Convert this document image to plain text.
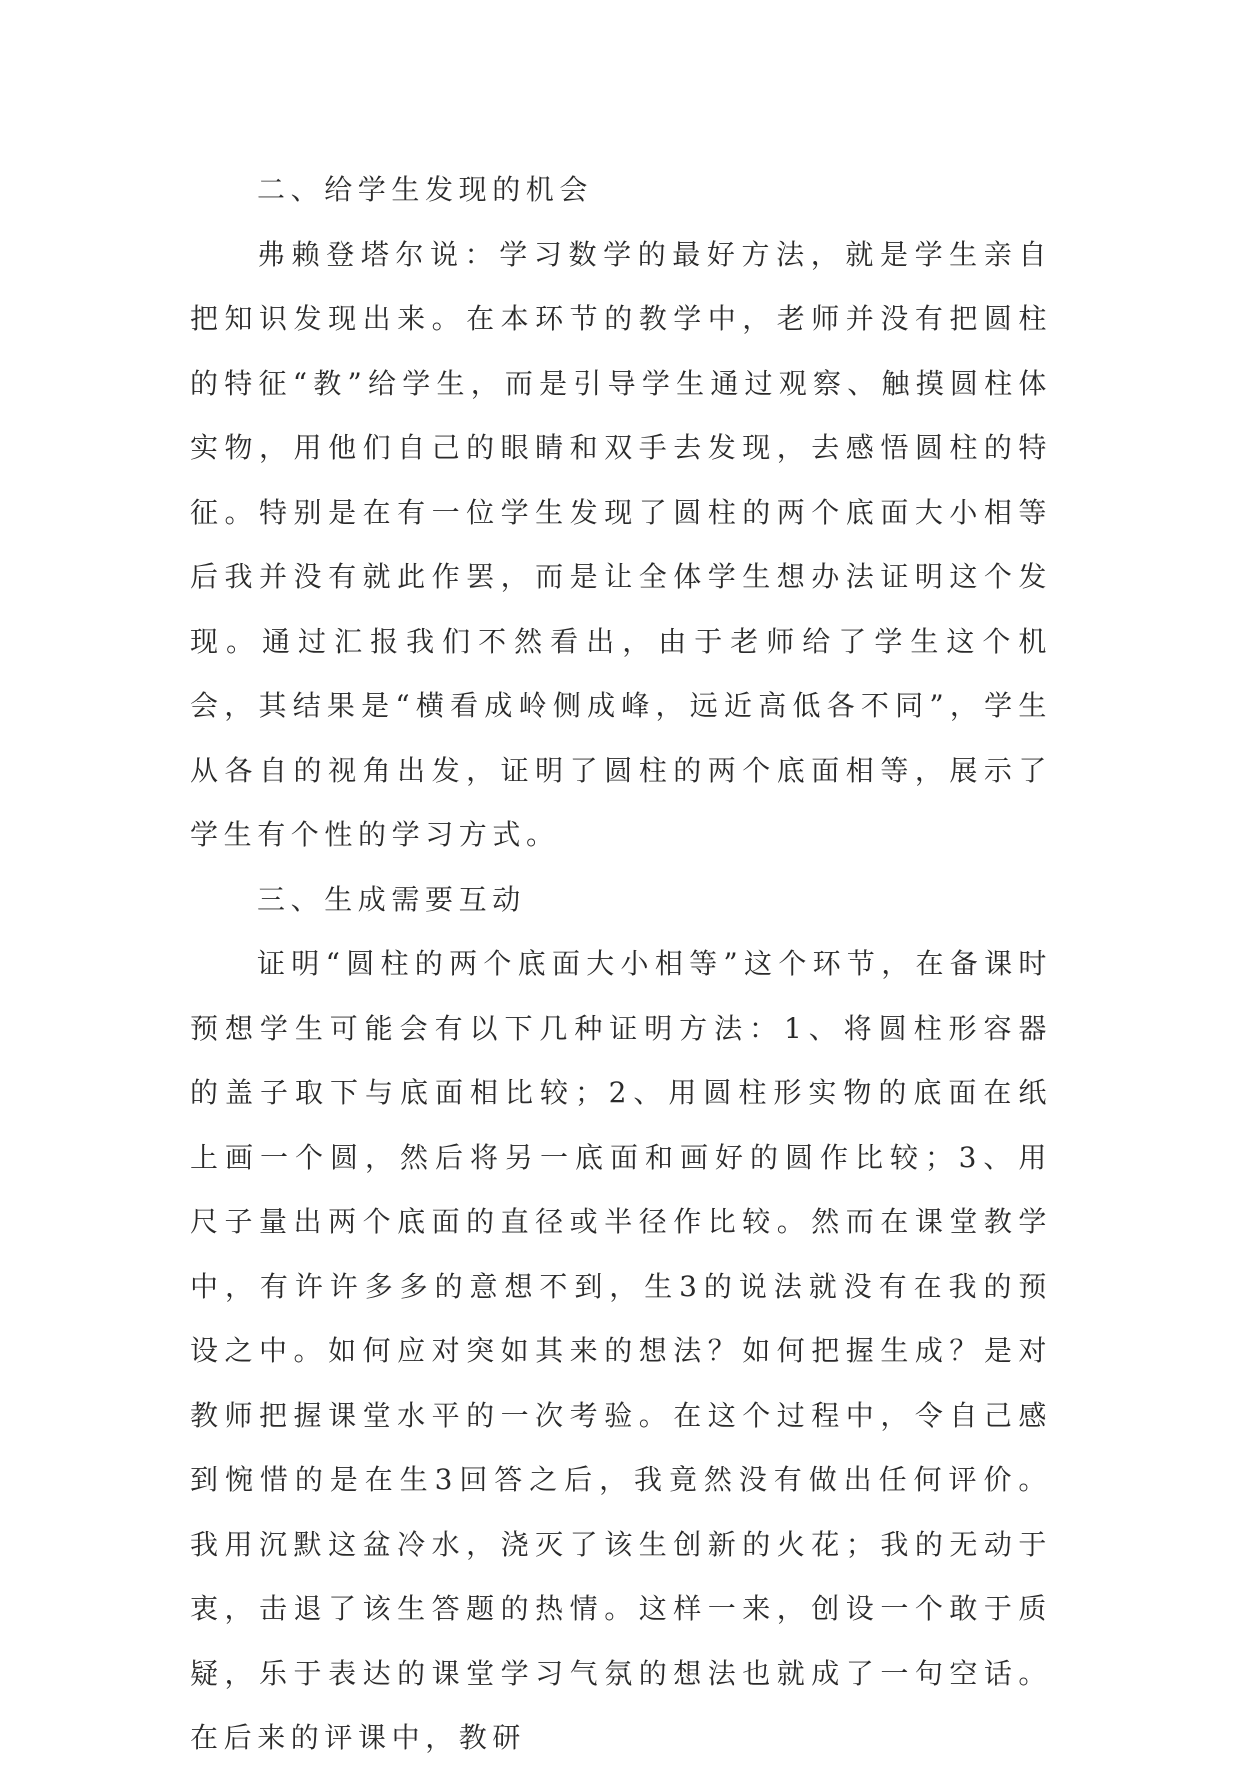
二、给学生发现的机会

弗赖登塔尔说：学习数学的最好方法，就是学生亲自把知识发现出来。在本环节的教学中，老师并没有把圆柱的特征“教”给学生，而是引导学生通过观察、触摸圆柱体实物，用他们自己的眼睛和双手去发现，去感悟圆柱的特征。特别是在有一位学生发现了圆柱的两个底面大小相等后我并没有就此作罢，而是让全体学生想办法证明这个发现。通过汇报我们不然看出，由于老师给了学生这个机会，其结果是“横看成岭侧成峰，远近高低各不同”，学生从各自的视角出发，证明了圆柱的两个底面相等，展示了学生有个性的学习方式。

三、生成需要互动

证明“圆柱的两个底面大小相等”这个环节，在备课时预想学生可能会有以下几种证明方法：1、将圆柱形容器的盖子取下与底面相比较；2、用圆柱形实物的底面在纸上画一个圆，然后将另一底面和画好的圆作比较；3、用尺子量出两个底面的直径或半径作比较。然而在课堂教学中，有许许多多的意想不到，生3的说法就没有在我的预设之中。如何应对突如其来的想法？如何把握生成？是对教师把握课堂水平的一次考验。在这个过程中，令自己感到惋惜的是在生3回答之后，我竟然没有做出任何评价。我用沉默这盆冷水，浇灭了该生创新的火花；我的无动于衷，击退了该生答题的热情。这样一来，创设一个敢于质疑，乐于表达的课堂学习气氛的想法也就成了一句空话。在后来的评课中，教研
